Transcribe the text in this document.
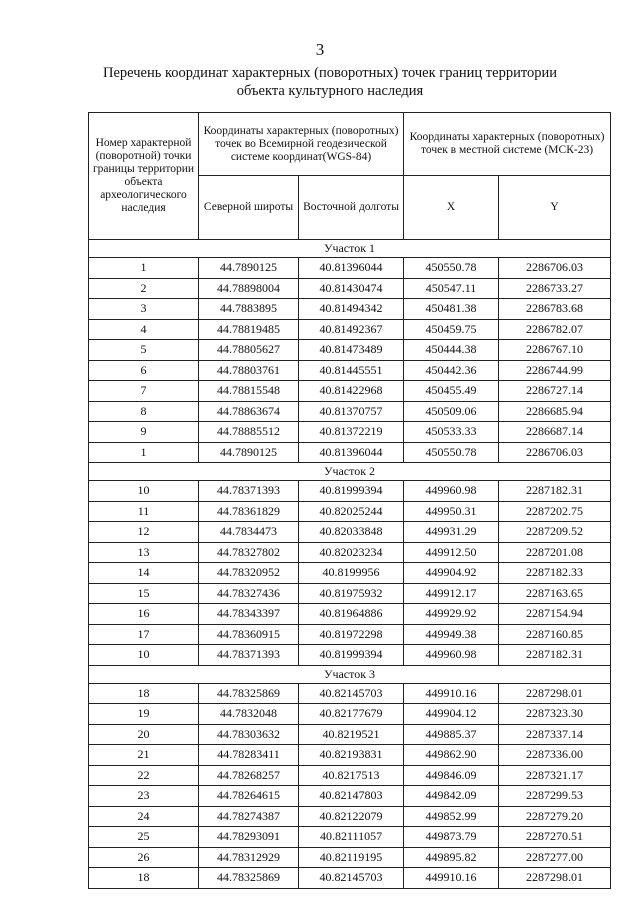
3
Перечень координат характерных (поворотных) точек границ территории
объекта культурного наследия
Номер характерной (поворотной) точки границы территории объекта археологического наследия	Координаты характерных (поворотных) точек во Всемирной геодезической системе координат(WGS-84)		Координаты характерных (поворотных) точек в местной системе (МСК-23)	
	Северной широты	Восточной долготы	X	Y
Участок 1				
1	44.7890125	40.81396044	450550.78	2286706.03
2	44.78898004	40.81430474	450547.11	2286733.27
3	44.7883895	40.81494342	450481.38	2286783.68
4	44.78819485	40.81492367	450459.75	2286782.07
5	44.78805627	40.81473489	450444.38	2286767.10
6	44.78803761	40.81445551	450442.36	2286744.99
7	44.78815548	40.81422968	450455.49	2286727.14
8	44.78863674	40.81370757	450509.06	2286685.94
9	44.78885512	40.81372219	450533.33	2286687.14
1	44.7890125	40.81396044	450550.78	2286706.03
Участок 2				
10	44.78371393	40.81999394	449960.98	2287182.31
11	44.78361829	40.82025244	449950.31	2287202.75
12	44.7834473	40.82033848	449931.29	2287209.52
13	44.78327802	40.82023234	449912.50	2287201.08
14	44.78320952	40.8199956	449904.92	2287182.33
15	44.78327436	40.81975932	449912.17	2287163.65
16	44.78343397	40.81964886	449929.92	2287154.94
17	44.78360915	40.81972298	449949.38	2287160.85
10	44.78371393	40.81999394	449960.98	2287182.31
Участок 3				
18	44.78325869	40.82145703	449910.16	2287298.01
19	44.7832048	40.82177679	449904.12	2287323.30
20	44.78303632	40.8219521	449885.37	2287337.14
21	44.78283411	40.82193831	449862.90	2287336.00
22	44.78268257	40.8217513	449846.09	2287321.17
23	44.78264615	40.82147803	449842.09	2287299.53
24	44.78274387	40.82122079	449852.99	2287279.20
25	44.78293091	40.82111057	449873.79	2287270.51
26	44.78312929	40.82119195	449895.82	2287277.00
18	44.78325869	40.82145703	449910.16	2287298.01
